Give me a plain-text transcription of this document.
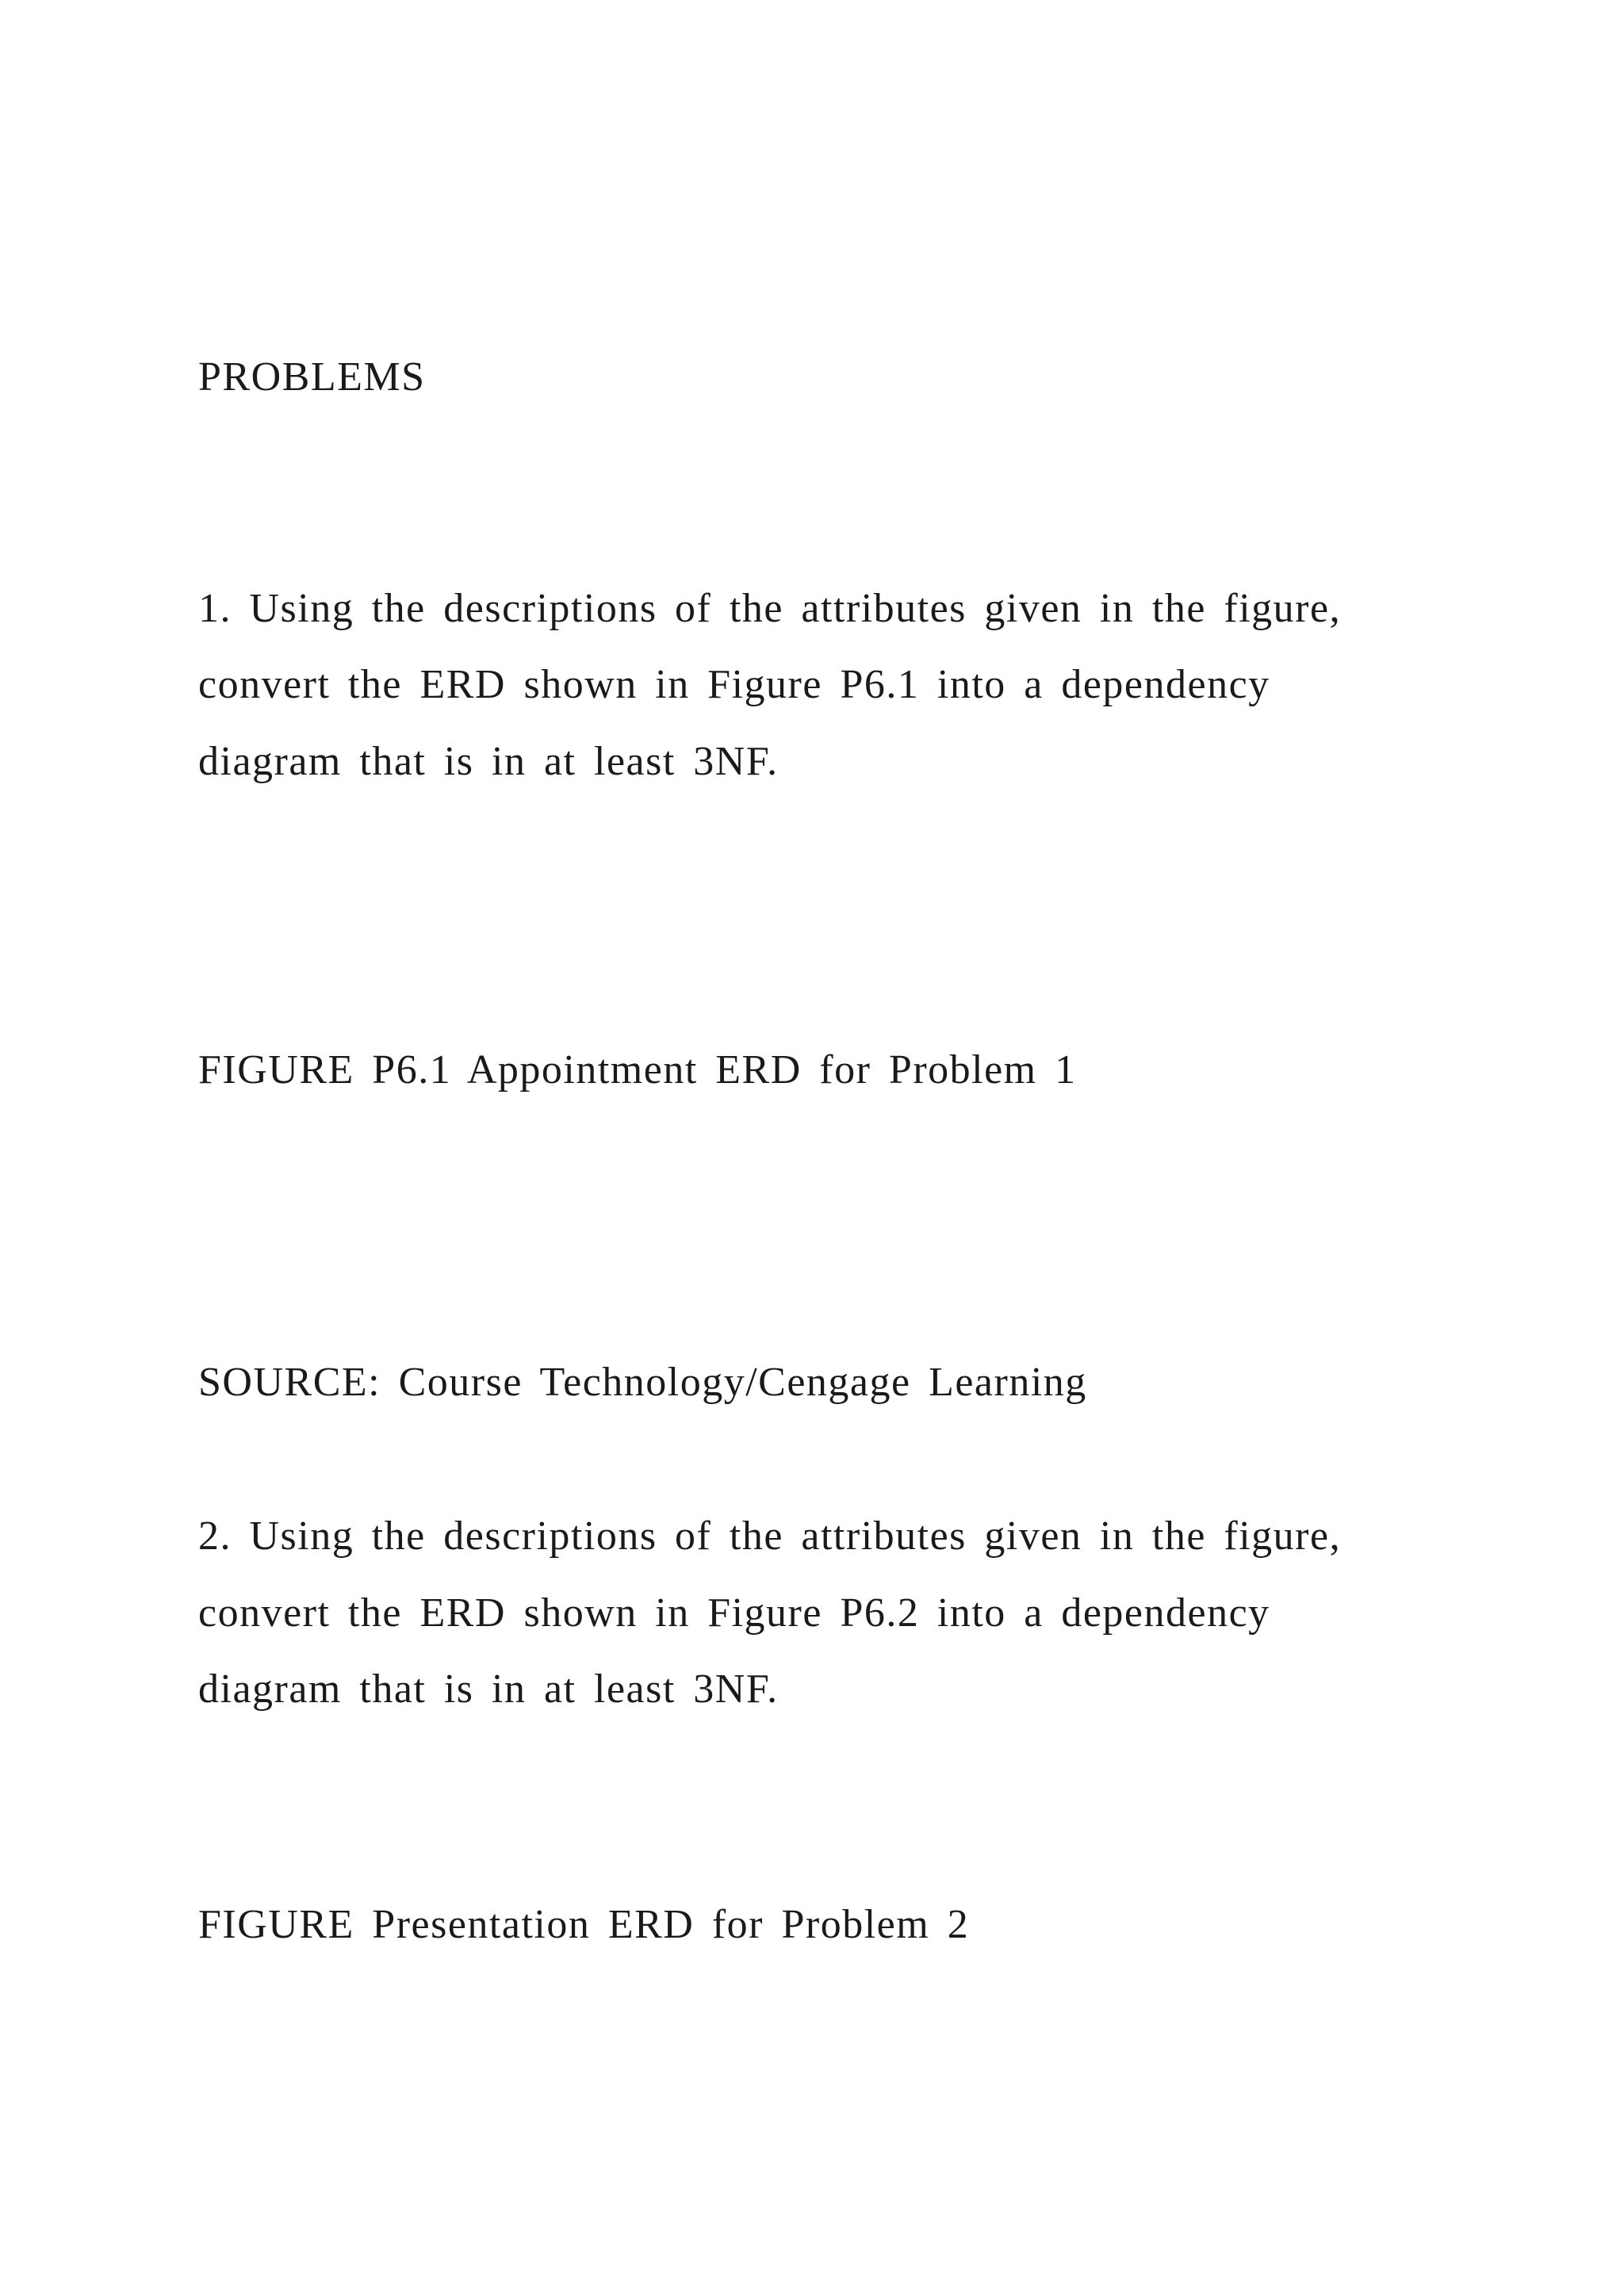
PROBLEMS
1. Using the descriptions of the attributes given in the figure,
convert the ERD shown in Figure P6.1 into a dependency
diagram that is in at least 3NF.
FIGURE P6.1 Appointment ERD for Problem 1
SOURCE: Course Technology/Cengage Learning
2. Using the descriptions of the attributes given in the figure,
convert the ERD shown in Figure P6.2 into a dependency
diagram that is in at least 3NF.
FIGURE Presentation ERD for Problem 2
